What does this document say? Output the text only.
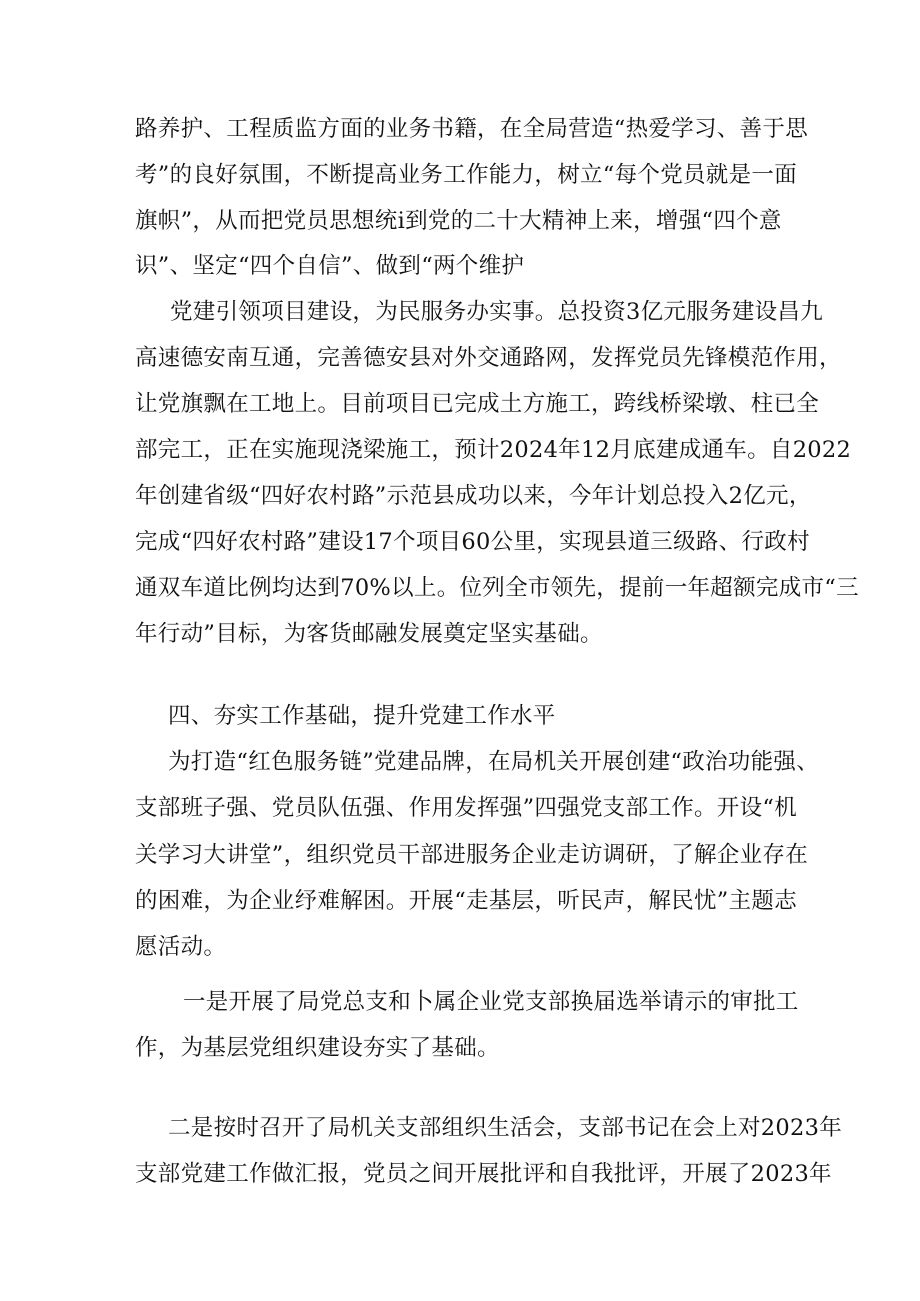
路养护、工程质监方面的业务书籍，在全局营造“热爱学习、善于思
考”的良好氛围，不断提高业务工作能力，树立“每个党员就是一面
旗帜”，从而把党员思想统i到党的二十大精神上来，增强“四个意
识”、坚定“四个自信”、做到“两个维护
党建引领项目建设，为民服务办实事。总投资3亿元服务建设昌九
高速德安南互通，完善德安县对外交通路网，发挥党员先锋模范作用，
让党旗飘在工地上。目前项目已完成土方施工，跨线桥梁墩、柱已全
部完工，正在实施现浇梁施工，预计2024年12月底建成通车。自2022
年创建省级“四好农村路”示范县成功以来，今年计划总投入2亿元，
完成“四好农村路”建设17个项目60公里，实现县道三级路、行政村
通双车道比例均达到70%以上。位列全市领先，提前一年超额完成市“三
年行动”目标，为客货邮融发展奠定坚实基础。
四、夯实工作基础，提升党建工作水平
为打造“红色服务链”党建品牌，在局机关开展创建“政治功能强、
支部班子强、党员队伍强、作用发挥强”四强党支部工作。开设“机
关学习大讲堂”，组织党员干部进服务企业走访调研，了解企业存在
的困难，为企业纾难解困。开展“走基层，听民声，解民忧”主题志
愿活动。
一是开展了局党总支和卜属企业党支部换届选举请示的审批工
作，为基层党组织建设夯实了基础。
二是按时召开了局机关支部组织生活会，支部书记在会上对2023年
支部党建工作做汇报，党员之间开展批评和自我批评，开展了2023年
